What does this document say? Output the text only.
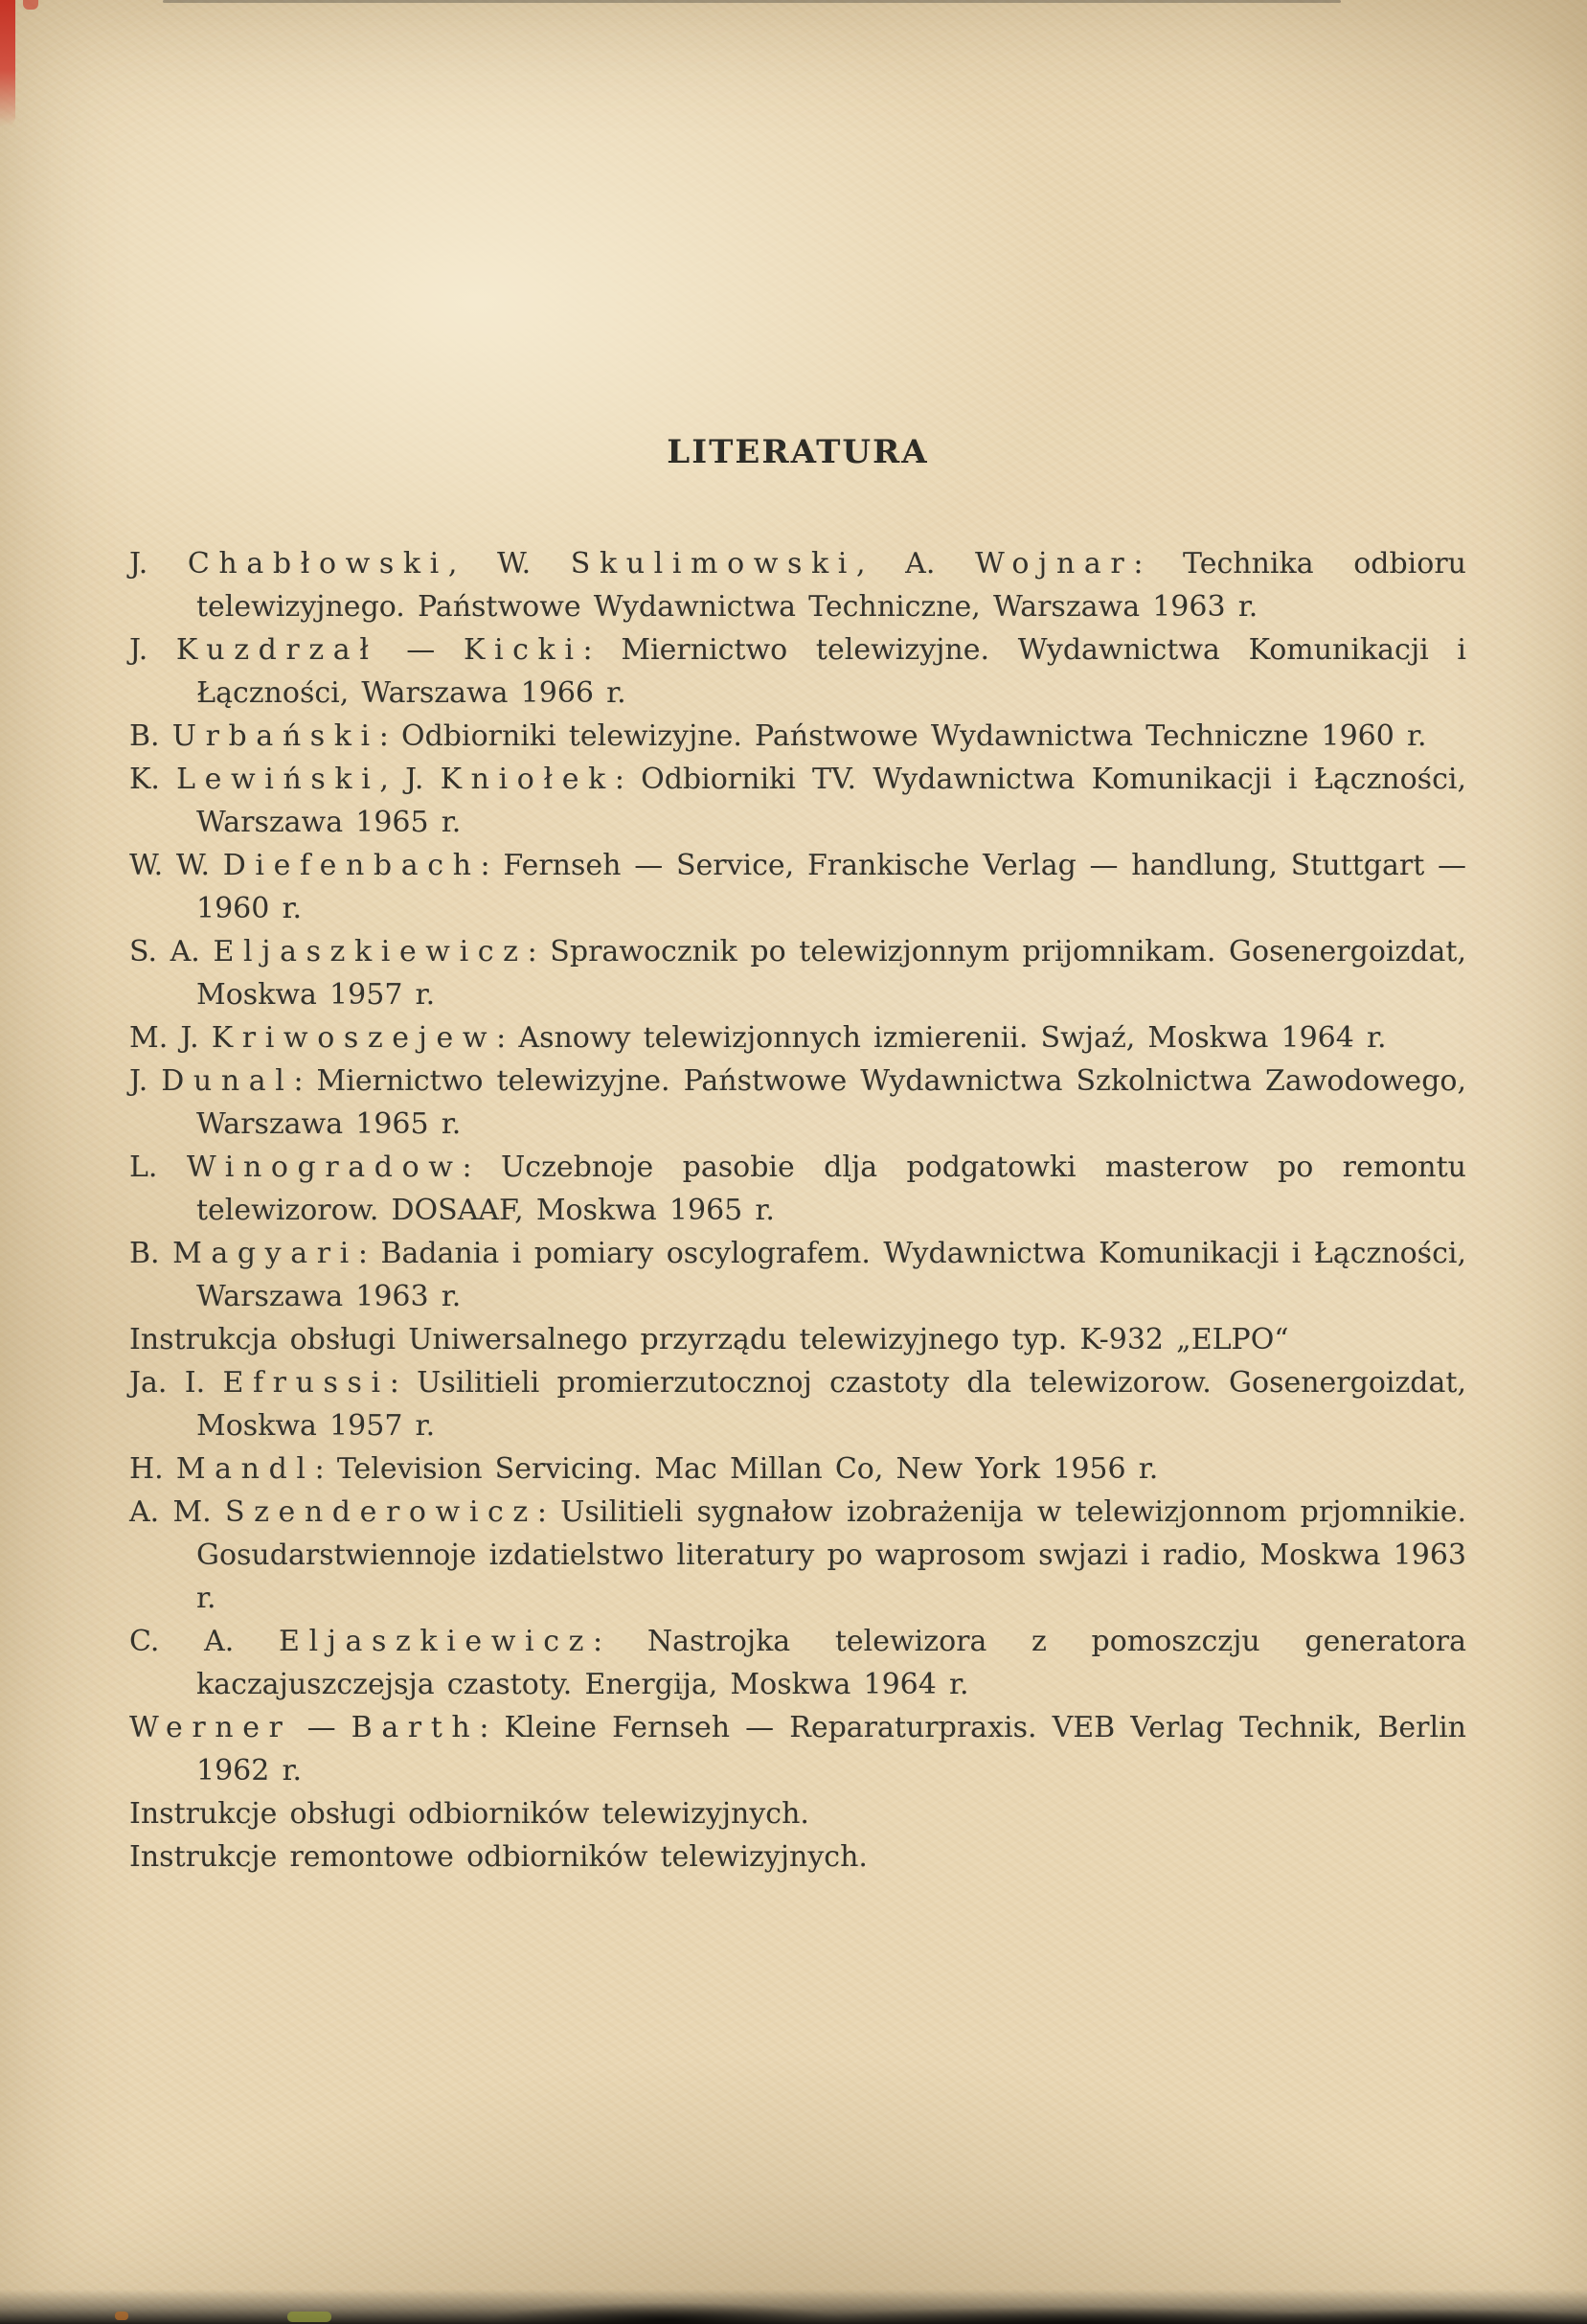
LITERATURA

J. Chabłowski, W. Skulimowski, A. Wojnar: Technika odbioru telewizyjnego. Państwowe Wydawnictwa Techniczne, Warszawa 1963 r.

J. Kuzdrzał — Kicki: Miernictwo telewizyjne. Wydawnictwa Komunikacji i Łączności, Warszawa 1966 r.

B. Urbański: Odbiorniki telewizyjne. Państwowe Wydawnictwa Techniczne 1960 r.

K. Lewiński, J. Kniołek: Odbiorniki TV. Wydawnictwa Komunikacji i Łączności, Warszawa 1965 r.

W. W. Diefenbach: Fernseh — Service, Frankische Verlag — handlung, Stuttgart — 1960 r.

S. A. Eljaszkiewicz: Sprawocznik po telewizjonnym prijomnikam. Gosenergoizdat, Moskwa 1957 r.

M. J. Kriwoszejew: Asnowy telewizjonnych izmierenii. Swjaź, Moskwa 1964 r.

J. Dunal: Miernictwo telewizyjne. Państwowe Wydawnictwa Szkolnictwa Zawodowego, Warszawa 1965 r.

L. Winogradow: Uczebnoje pasobie dlja podgatowki masterow po remontu telewizorow. DOSAAF, Moskwa 1965 r.

B. Magyari: Badania i pomiary oscylografem. Wydawnictwa Komunikacji i Łączności, Warszawa 1963 r.

Instrukcja obsługi Uniwersalnego przyrządu telewizyjnego typ. K-932 „ELPO“

Ja. I. Efrussi: Usilitieli promierzutocznoj czastoty dla telewizorow. Gosenergoizdat, Moskwa 1957 r.

H. Mandl: Television Servicing. Mac Millan Co, New York 1956 r.

A. M. Szenderowicz: Usilitieli sygnałow izobrażenija w telewizjonnom prjomnikie. Gosudarstwiennoje izdatielstwo literatury po waprosom swjazi i radio, Moskwa 1963 r.

C. A. Eljaszkiewicz: Nastrojka telewizora z pomoszczju generatora kaczajuszczejsja czastoty. Energija, Moskwa 1964 r.

Werner — Barth: Kleine Fernseh — Reparaturpraxis. VEB Verlag Technik, Berlin 1962 r.

Instrukcje obsługi odbiorników telewizyjnych.

Instrukcje remontowe odbiorników telewizyjnych.
